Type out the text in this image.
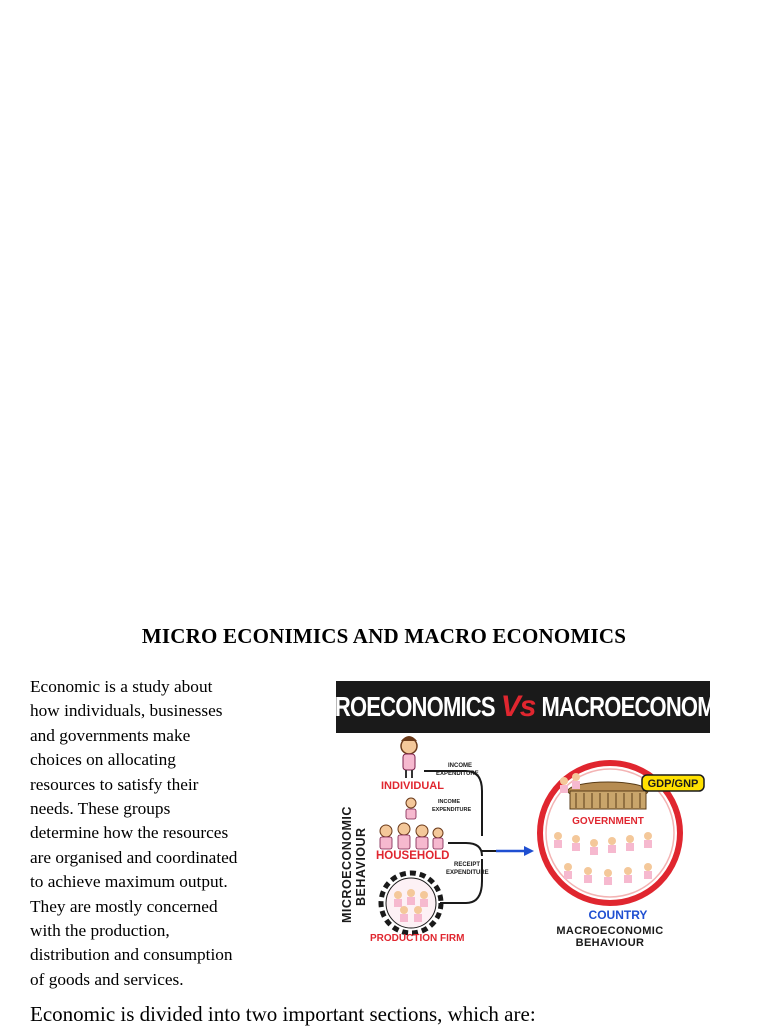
MICRO ECONIMICS AND MACRO ECONOMICS
Economic is a study about
how individuals, businesses
and governments make
choices on allocating
resources to satisfy their
needs. These groups
determine how the resources
are organised and coordinated
to achieve maximum output.
They are mostly concerned
with the production,
distribution and consumption
of goods and services.
MICROECONOMICS Vs MACROECONOMICS
MICROECONOMIC BEHAVIOUR
INDIVIDUAL
HOUSEHOLD
PRODUCTION FIRM
INCOME
EXPENDITURE
INCOME
EXPENDITURE
RECEIPT
EXPENDITURE
GDP/GNP
GOVERNMENT
COUNTRY
MACROECONOMIC
BEHAVIOUR
Economic is divided into two important sections, which are:
